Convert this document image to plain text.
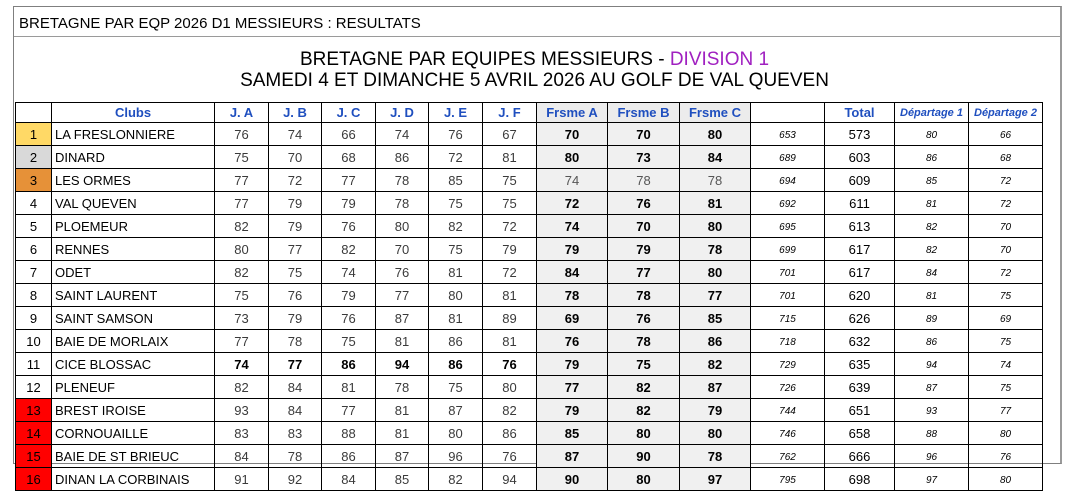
BRETAGNE PAR EQP 2026 D1 MESSIEURS : RESULTATS
BRETAGNE PAR EQUIPES MESSIEURS - DIVISION 1
SAMEDI 4 ET DIMANCHE 5 AVRIL 2026 AU GOLF DE VAL QUEVEN
	Clubs	J. A	J. B	J. C	J. D	J. E	J. F	Frsme A	Frsme B	Frsme C		Total	Départage 1	Départage 2
1	LA FRESLONNIERE	76	74	66	74	76	67	70	70	80	653	573	80	66
2	DINARD	75	70	68	86	72	81	80	73	84	689	603	86	68
3	LES ORMES	77	72	77	78	85	75	74	78	78	694	609	85	72
4	VAL QUEVEN	77	79	79	78	75	75	72	76	81	692	611	81	72
5	PLOEMEUR	82	79	76	80	82	72	74	70	80	695	613	82	70
6	RENNES	80	77	82	70	75	79	79	79	78	699	617	82	70
7	ODET	82	75	74	76	81	72	84	77	80	701	617	84	72
8	SAINT LAURENT	75	76	79	77	80	81	78	78	77	701	620	81	75
9	SAINT SAMSON	73	79	76	87	81	89	69	76	85	715	626	89	69
10	BAIE DE MORLAIX	77	78	75	81	86	81	76	78	86	718	632	86	75
11	CICE BLOSSAC	74	77	86	94	86	76	79	75	82	729	635	94	74
12	PLENEUF	82	84	81	78	75	80	77	82	87	726	639	87	75
13	BREST IROISE	93	84	77	81	87	82	79	82	79	744	651	93	77
14	CORNOUAILLE	83	83	88	81	80	86	85	80	80	746	658	88	80
15	BAIE DE ST BRIEUC	84	78	86	87	96	76	87	90	78	762	666	96	76
16	DINAN LA CORBINAIS	91	92	84	85	82	94	90	80	97	795	698	97	80
